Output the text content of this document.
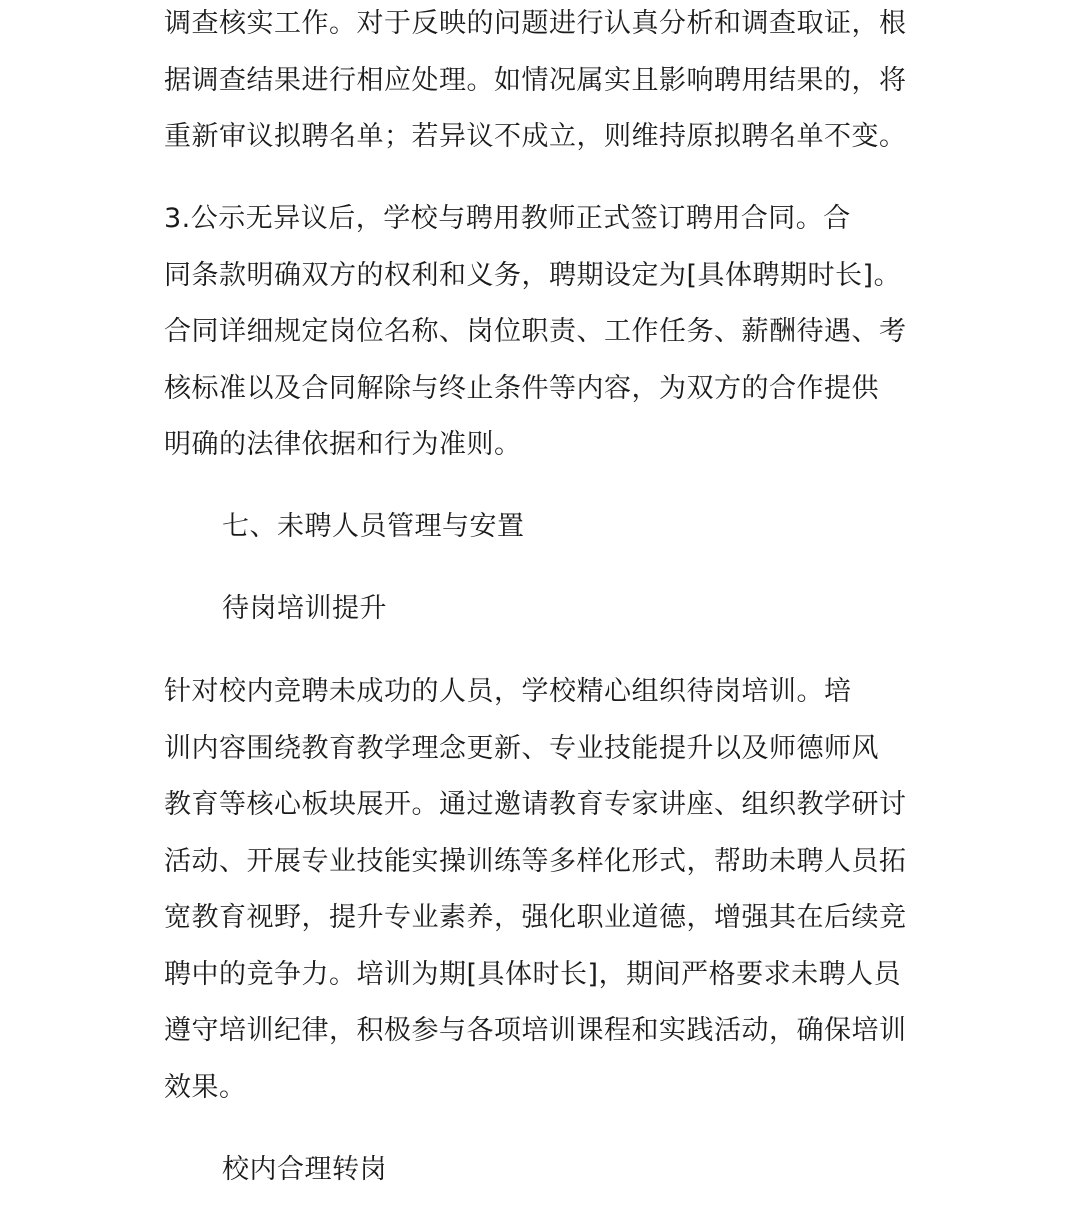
调查核实工作。对于反映的问题进行认真分析和调查取证，根
据调查结果进行相应处理。如情况属实且影响聘用结果的，将
重新审议拟聘名单；若异议不成立，则维持原拟聘名单不变。

3.公示无异议后，学校与聘用教师正式签订聘用合同。合
同条款明确双方的权利和义务，聘期设定为[具体聘期时长]。
合同详细规定岗位名称、岗位职责、工作任务、薪酬待遇、考
核标准以及合同解除与终止条件等内容，为双方的合作提供
明确的法律依据和行为准则。

七、未聘人员管理与安置

待岗培训提升

针对校内竞聘未成功的人员，学校精心组织待岗培训。培
训内容围绕教育教学理念更新、专业技能提升以及师德师风
教育等核心板块展开。通过邀请教育专家讲座、组织教学研讨
活动、开展专业技能实操训练等多样化形式，帮助未聘人员拓
宽教育视野，提升专业素养，强化职业道德，增强其在后续竞
聘中的竞争力。培训为期[具体时长]，期间严格要求未聘人员
遵守培训纪律，积极参与各项培训课程和实践活动，确保培训
效果。

校内合理转岗
